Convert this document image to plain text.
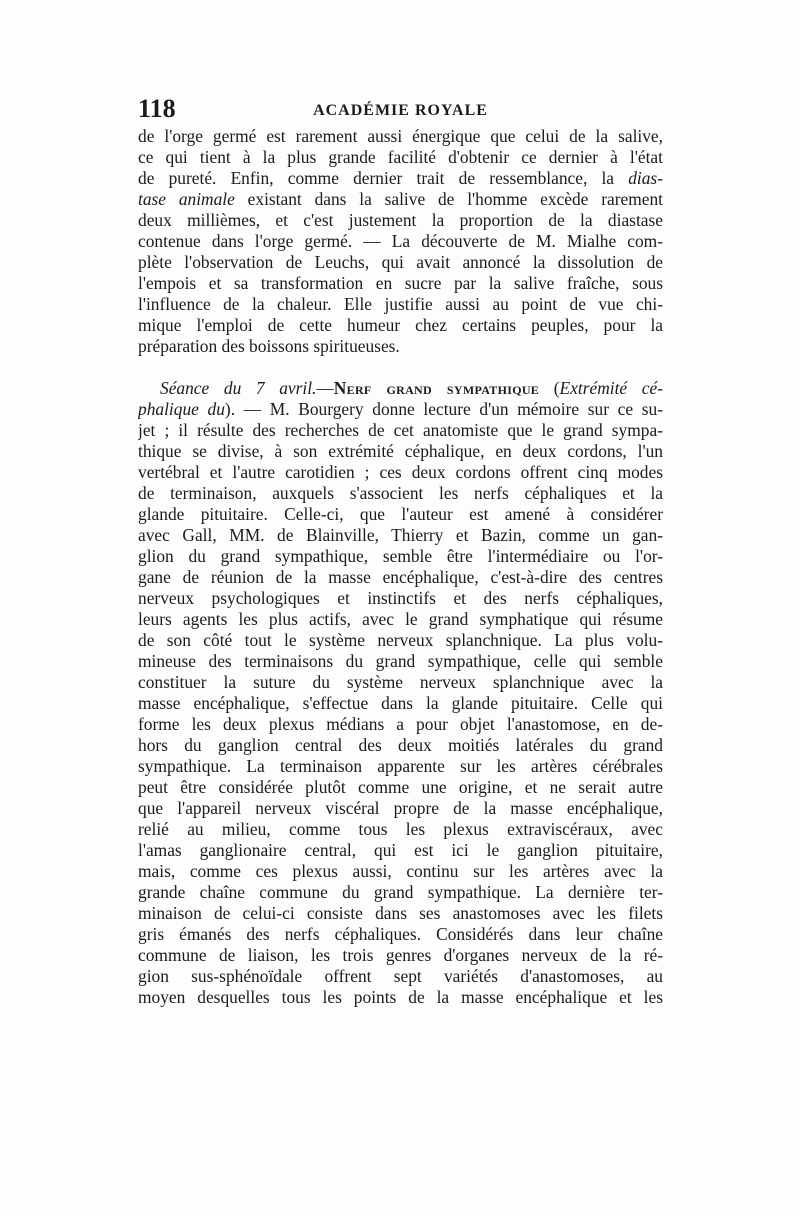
118	ACADÉMIE ROYALE

de l'orge germé est rarement aussi énergique que celui de la salive,
ce qui tient à la plus grande facilité d'obtenir ce dernier à l'état
de pureté. Enfin, comme dernier trait de ressemblance, la dias-
tase animale existant dans la salive de l'homme excède rarement
deux millièmes, et c'est justement la proportion de la diastase
contenue dans l'orge germé. — La découverte de M. Mialhe com-
plète l'observation de Leuchs, qui avait annoncé la dissolution de
l'empois et sa transformation en sucre par la salive fraîche, sous
l'influence de la chaleur. Elle justifie aussi au point de vue chi-
mique l'emploi de cette humeur chez certains peuples, pour la
préparation des boissons spiritueuses.

Séance du 7 avril.—Nerf grand sympathique (Extrémité cé-
phalique du). — M. Bourgery donne lecture d'un mémoire sur ce su-
jet ; il résulte des recherches de cet anatomiste que le grand sympa-
thique se divise, à son extrémité céphalique, en deux cordons, l'un
vertébral et l'autre carotidien ; ces deux cordons offrent cinq modes
de terminaison, auxquels s'associent les nerfs céphaliques et la
glande pituitaire. Celle-ci, que l'auteur est amené à considérer
avec Gall, MM. de Blainville, Thierry et Bazin, comme un gan-
glion du grand sympathique, semble être l'intermédiaire ou l'or-
gane de réunion de la masse encéphalique, c'est-à-dire des centres
nerveux psychologiques et instinctifs et des nerfs céphaliques,
leurs agents les plus actifs, avec le grand symphatique qui résume
de son côté tout le système nerveux splanchnique. La plus volu-
mineuse des terminaisons du grand sympathique, celle qui semble
constituer la suture du système nerveux splanchnique avec la
masse encéphalique, s'effectue dans la glande pituitaire. Celle qui
forme les deux plexus médians a pour objet l'anastomose, en de-
hors du ganglion central des deux moitiés latérales du grand
sympathique. La terminaison apparente sur les artères cérébrales
peut être considérée plutôt comme une origine, et ne serait autre
que l'appareil nerveux viscéral propre de la masse encéphalique,
relié au milieu, comme tous les plexus extraviscéraux, avec
l'amas ganglionaire central, qui est ici le ganglion pituitaire,
mais, comme ces plexus aussi, continu sur les artères avec la
grande chaîne commune du grand sympathique. La dernière ter-
minaison de celui-ci consiste dans ses anastomoses avec les filets
gris émanés des nerfs céphaliques. Considérés dans leur chaîne
commune de liaison, les trois genres d'organes nerveux de la ré-
gion sus-sphénoïdale offrent sept variétés d'anastomoses, au
moyen desquelles tous les points de la masse encéphalique et les
